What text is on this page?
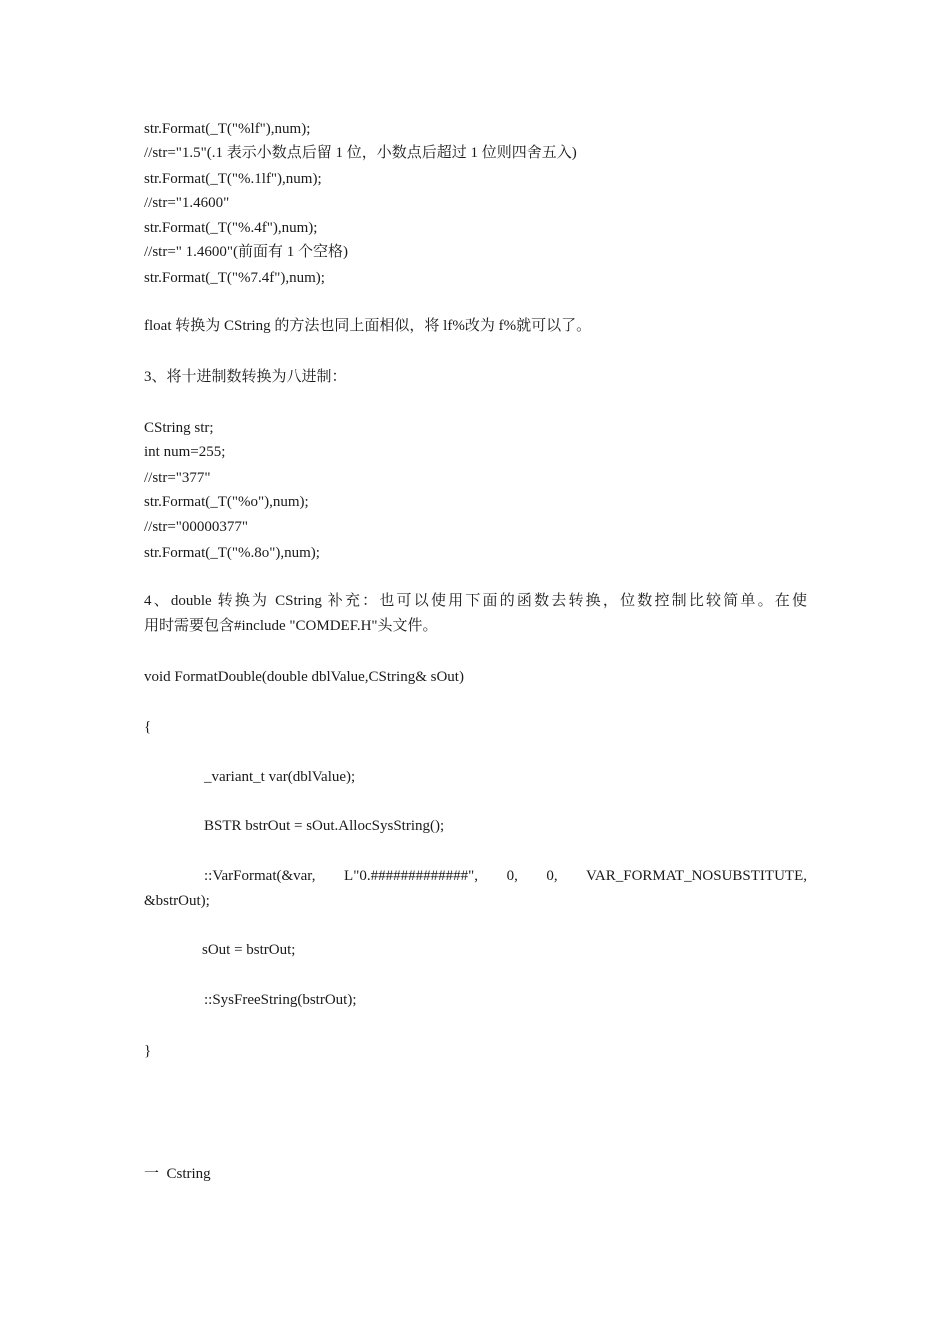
str.Format(_T("%lf"),num);
//str="1.5"(.1 表示小数点后留 1 位，小数点后超过 1 位则四舍五入)
str.Format(_T("%.1lf"),num);
//str="1.4600"
str.Format(_T("%.4f"),num);
//str=" 1.4600"(前面有 1 个空格)
str.Format(_T("%7.4f"),num);
float 转换为 CString 的方法也同上面相似，将 lf%改为 f%就可以了。
3、将十进制数转换为八进制：
CString str;
int num=255;
//str="377"
str.Format(_T("%o"),num);
//str="00000377"
str.Format(_T("%.8o"),num);
4、double 转换为 CString 补充：也可以使用下面的函数去转换，位数控制比较简单。在使
用时需要包含#include "COMDEF.H"头文件。
void FormatDouble(double dblValue,CString& sOut)
{
_variant_t var(dblValue);
BSTR bstrOut = sOut.AllocSysString();
::VarFormat(&var, L"0.#############", 0, 0, VAR_FORMAT_NOSUBSTITUTE,
&bstrOut);
sOut = bstrOut;
::SysFreeString(bstrOut);
}
一  Cstring
